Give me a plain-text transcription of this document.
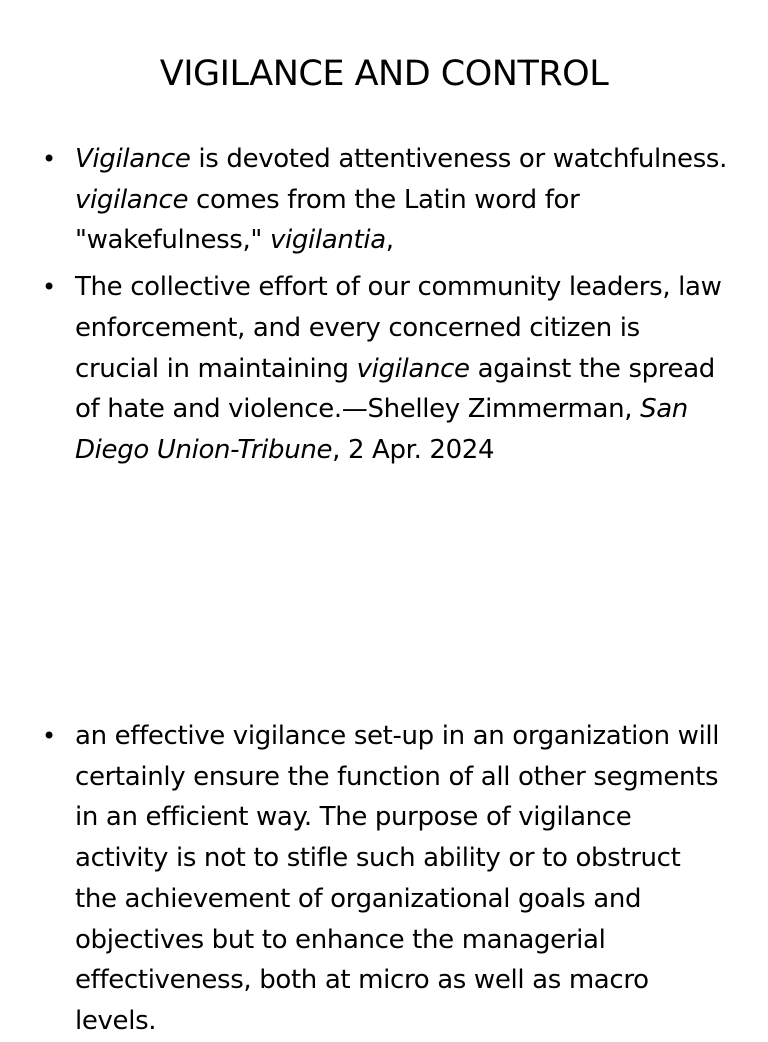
VIGILANCE AND CONTROL
• Vigilance is devoted attentiveness or watchfulness. vigilance comes from the Latin word for "wakefulness," vigilantia,
• The collective effort of our community leaders, law enforcement, and every concerned citizen is crucial in maintaining vigilance against the spread of hate and violence.—Shelley Zimmerman, San Diego Union-Tribune, 2 Apr. 2024
• an effective vigilance set-up in an organization will certainly ensure the function of all other segments in an efficient way. The purpose of vigilance activity is not to stifle such ability or to obstruct the achievement of organizational goals and objectives but to enhance the managerial effectiveness, both at micro as well as macro levels.
